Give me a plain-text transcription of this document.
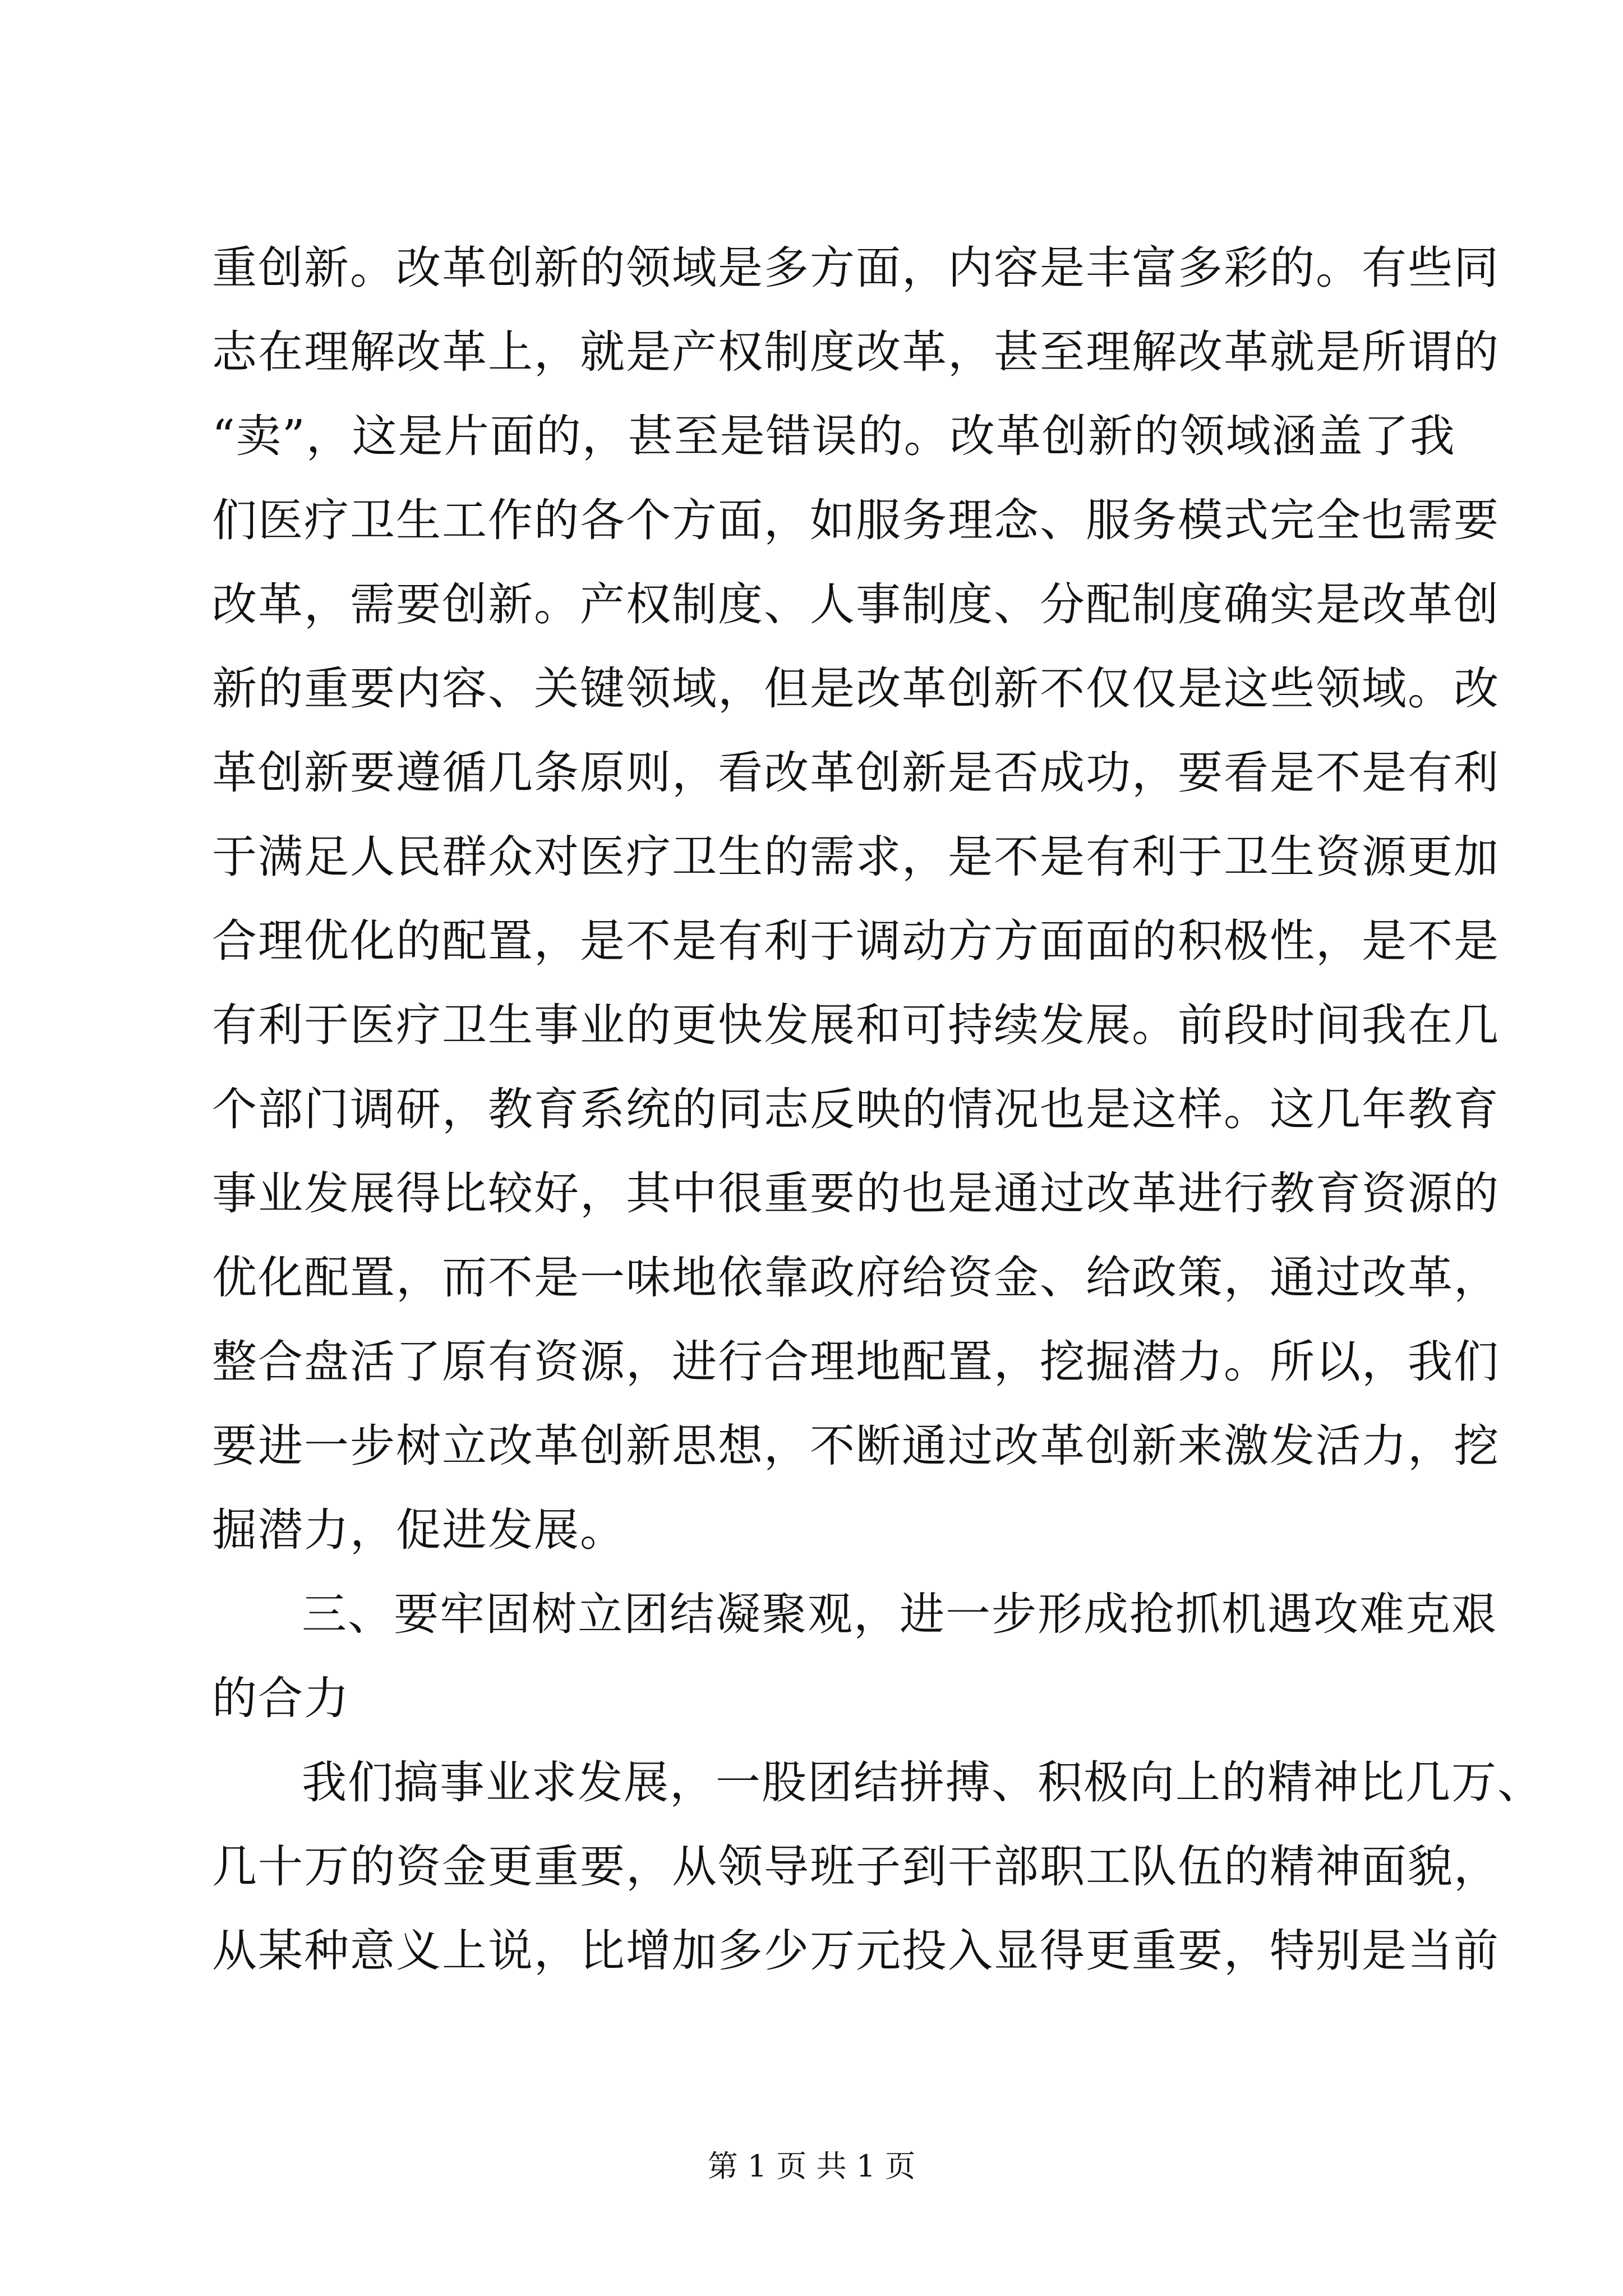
重创新。改革创新的领域是多方面，内容是丰富多彩的。有些同
志在理解改革上，就是产权制度改革，甚至理解改革就是所谓的
“卖”，这是片面的，甚至是错误的。改革创新的领域涵盖了我
们医疗卫生工作的各个方面，如服务理念、服务模式完全也需要
改革，需要创新。产权制度、人事制度、分配制度确实是改革创
新的重要内容、关键领域，但是改革创新不仅仅是这些领域。改
革创新要遵循几条原则，看改革创新是否成功，要看是不是有利
于满足人民群众对医疗卫生的需求，是不是有利于卫生资源更加
合理优化的配置，是不是有利于调动方方面面的积极性，是不是
有利于医疗卫生事业的更快发展和可持续发展。前段时间我在几
个部门调研，教育系统的同志反映的情况也是这样。这几年教育
事业发展得比较好，其中很重要的也是通过改革进行教育资源的
优化配置，而不是一味地依靠政府给资金、给政策，通过改革，
整合盘活了原有资源，进行合理地配置，挖掘潜力。所以，我们
要进一步树立改革创新思想，不断通过改革创新来激发活力，挖
掘潜力，促进发展。
三、要牢固树立团结凝聚观，进一步形成抢抓机遇攻难克艰
的合力
我们搞事业求发展，一股团结拼搏、积极向上的精神比几万、
几十万的资金更重要，从领导班子到干部职工队伍的精神面貌，
从某种意义上说，比增加多少万元投入显得更重要，特别是当前
第 1 页 共 1 页
